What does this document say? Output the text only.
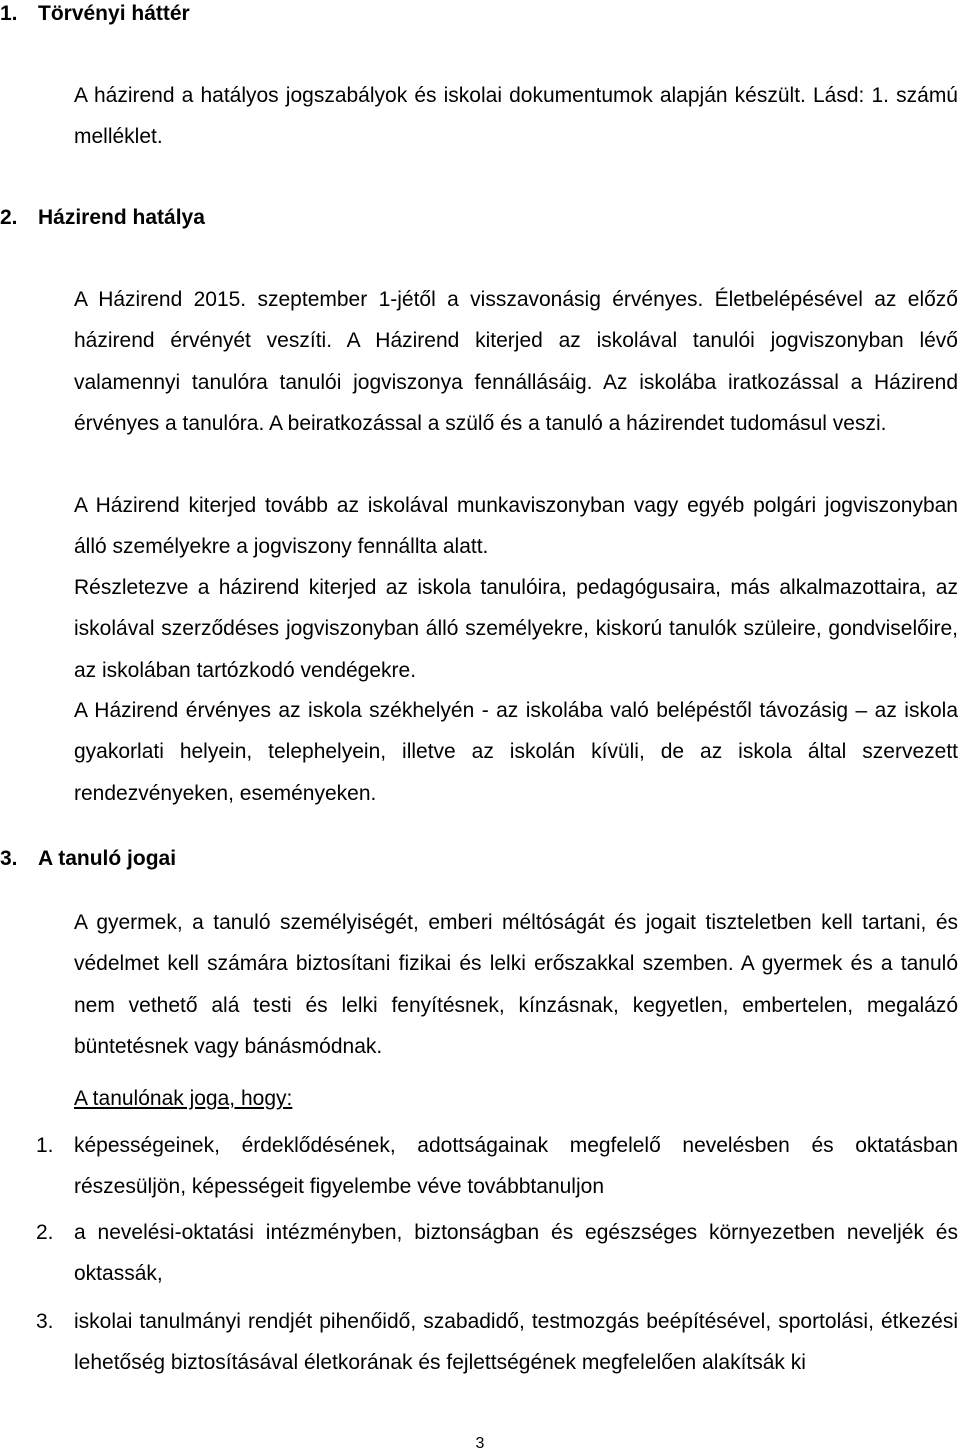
1. Törvényi háttér

A házirend a hatályos jogszabályok és iskolai dokumentumok alapján készült. Lásd: 1. számú melléklet.

2. Házirend hatálya

A Házirend 2015. szeptember 1-jétől a visszavonásig érvényes. Életbelépésével az előző házirend érvényét veszíti. A Házirend kiterjed az iskolával tanulói jogviszonyban lévő valamennyi tanulóra tanulói jogviszonya fennállásáig. Az iskolába iratkozással a Házirend érvényes a tanulóra. A beiratkozással a szülő és a tanuló a házirendet tudomásul veszi.

A Házirend kiterjed tovább az iskolával munkaviszonyban vagy egyéb polgári jogviszonyban álló személyekre a jogviszony fennállta alatt.

Részletezve a házirend kiterjed az iskola tanulóira, pedagógusaira, más alkalmazottaira, az iskolával szerződéses jogviszonyban álló személyekre, kiskorú tanulók szüleire, gondviselőire, az iskolában tartózkodó vendégekre.

A Házirend érvényes az iskola székhelyén - az iskolába való belépéstől távozásig – az iskola gyakorlati helyein, telephelyein, illetve az iskolán kívüli, de az iskola által szervezett rendezvényeken, eseményeken.

3. A tanuló jogai

A gyermek, a tanuló személyiségét, emberi méltóságát és jogait tiszteletben kell tartani, és védelmet kell számára biztosítani fizikai és lelki erőszakkal szemben. A gyermek és a tanuló nem vethető alá testi és lelki fenyítésnek, kínzásnak, kegyetlen, embertelen, megalázó büntetésnek vagy bánásmódnak.

A tanulónak joga, hogy:

1. képességeinek, érdeklődésének, adottságainak megfelelő nevelésben és oktatásban részesüljön, képességeit figyelembe véve továbbtanuljon
2. a nevelési-oktatási intézményben, biztonságban és egészséges környezetben neveljék és oktassák,
3. iskolai tanulmányi rendjét pihenőidő, szabadidő, testmozgás beépítésével, sportolási, étkezési lehetőség biztosításával életkorának és fejlettségének megfelelően alakítsák ki
3
